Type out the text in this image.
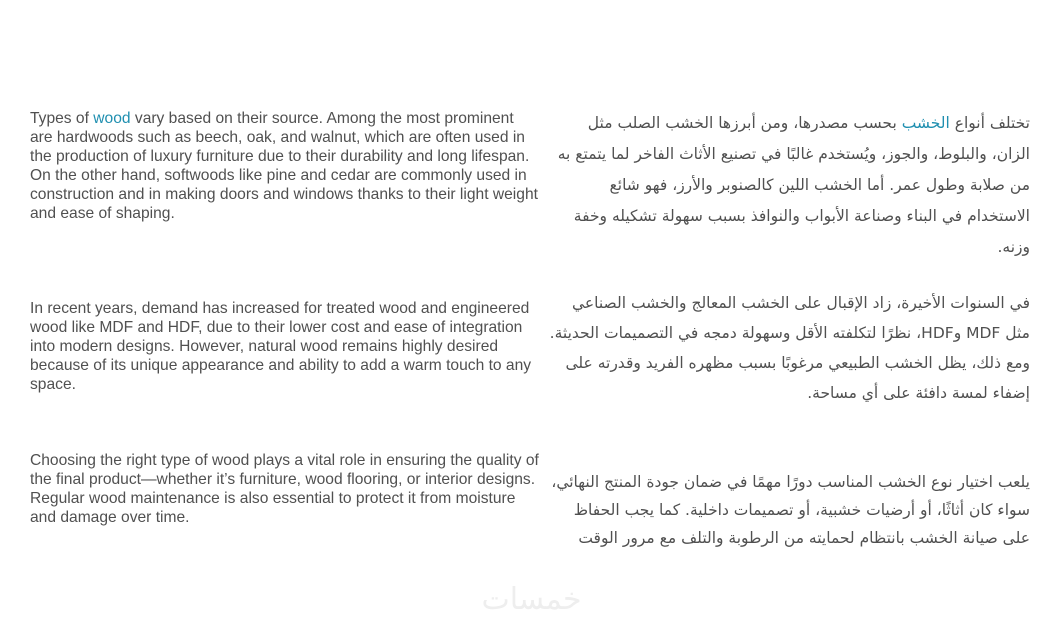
Types of wood vary based on their source. Among the most prominent are hardwoods such as beech, oak, and walnut, which are often used in the production of luxury furniture due to their durability and long lifespan. On the other hand, softwoods like pine and cedar are commonly used in construction and in making doors and windows thanks to their light weight and ease of shaping.
In recent years, demand has increased for treated wood and engineered wood like MDF and HDF, due to their lower cost and ease of integration into modern designs. However, natural wood remains highly desired because of its unique appearance and ability to add a warm touch to any space.
Choosing the right type of wood plays a vital role in ensuring the quality of the final product—whether it’s furniture, wood flooring, or interior designs. Regular wood maintenance is also essential to protect it from moisture and damage over time.
تختلف أنواع الخشب بحسب مصدرها، ومن أبرزها الخشب الصلب مثل الزان، والبلوط، والجوز، ويُستخدم غالبًا في تصنيع الأثاث الفاخر لما يتمتع به من صلابة وطول عمر. أما الخشب اللين كالصنوبر والأرز، فهو شائع الاستخدام في البناء وصناعة الأبواب والنوافذ بسبب سهولة تشكيله وخفة وزنه.
في السنوات الأخيرة، زاد الإقبال على الخشب المعالج والخشب الصناعي مثل MDF وHDF، نظرًا لتكلفته الأقل وسهولة دمجه في التصميمات الحديثة. ومع ذلك، يظل الخشب الطبيعي مرغوبًا بسبب مظهره الفريد وقدرته على إضفاء لمسة دافئة على أي مساحة.
يلعب اختيار نوع الخشب المناسب دورًا مهمًا في ضمان جودة المنتج النهائي، سواء كان أثاثًا، أو أرضيات خشبية، أو تصميمات داخلية. كما يجب الحفاظ على صيانة الخشب بانتظام لحمايته من الرطوبة والتلف مع مرور الوقت
خمسات
